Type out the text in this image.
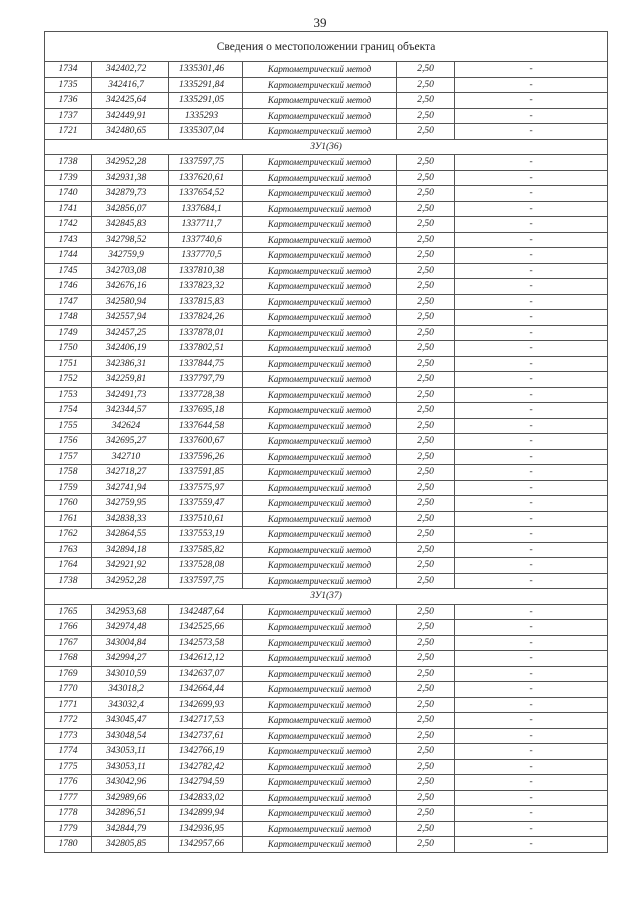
39
Сведения о местоположении границ объекта					
1734	342402,72	1335301,46	Картометрический метод	2,50	-
1735	342416,7	1335291,84	Картометрический метод	2,50	-
1736	342425,64	1335291,05	Картометрический метод	2,50	-
1737	342449,91	1335293	Картометрический метод	2,50	-
1721	342480,65	1335307,04	Картометрический метод	2,50	-
ЗУ1(36)					
1738	342952,28	1337597,75	Картометрический метод	2,50	-
1739	342931,38	1337620,61	Картометрический метод	2,50	-
1740	342879,73	1337654,52	Картометрический метод	2,50	-
1741	342856,07	1337684,1	Картометрический метод	2,50	-
1742	342845,83	1337711,7	Картометрический метод	2,50	-
1743	342798,52	1337740,6	Картометрический метод	2,50	-
1744	342759,9	1337770,5	Картометрический метод	2,50	-
1745	342703,08	1337810,38	Картометрический метод	2,50	-
1746	342676,16	1337823,32	Картометрический метод	2,50	-
1747	342580,94	1337815,83	Картометрический метод	2,50	-
1748	342557,94	1337824,26	Картометрический метод	2,50	-
1749	342457,25	1337878,01	Картометрический метод	2,50	-
1750	342406,19	1337802,51	Картометрический метод	2,50	-
1751	342386,31	1337844,75	Картометрический метод	2,50	-
1752	342259,81	1337797,79	Картометрический метод	2,50	-
1753	342491,73	1337728,38	Картометрический метод	2,50	-
1754	342344,57	1337695,18	Картометрический метод	2,50	-
1755	342624	1337644,58	Картометрический метод	2,50	-
1756	342695,27	1337600,67	Картометрический метод	2,50	-
1757	342710	1337596,26	Картометрический метод	2,50	-
1758	342718,27	1337591,85	Картометрический метод	2,50	-
1759	342741,94	1337575,97	Картометрический метод	2,50	-
1760	342759,95	1337559,47	Картометрический метод	2,50	-
1761	342838,33	1337510,61	Картометрический метод	2,50	-
1762	342864,55	1337553,19	Картометрический метод	2,50	-
1763	342894,18	1337585,82	Картометрический метод	2,50	-
1764	342921,92	1337528,08	Картометрический метод	2,50	-
1738	342952,28	1337597,75	Картометрический метод	2,50	-
ЗУ1(37)					
1765	342953,68	1342487,64	Картометрический метод	2,50	-
1766	342974,48	1342525,66	Картометрический метод	2,50	-
1767	343004,84	1342573,58	Картометрический метод	2,50	-
1768	342994,27	1342612,12	Картометрический метод	2,50	-
1769	343010,59	1342637,07	Картометрический метод	2,50	-
1770	343018,2	1342664,44	Картометрический метод	2,50	-
1771	343032,4	1342699,93	Картометрический метод	2,50	-
1772	343045,47	1342717,53	Картометрический метод	2,50	-
1773	343048,54	1342737,61	Картометрический метод	2,50	-
1774	343053,11	1342766,19	Картометрический метод	2,50	-
1775	343053,11	1342782,42	Картометрический метод	2,50	-
1776	343042,96	1342794,59	Картометрический метод	2,50	-
1777	342989,66	1342833,02	Картометрический метод	2,50	-
1778	342896,51	1342899,94	Картометрический метод	2,50	-
1779	342844,79	1342936,95	Картометрический метод	2,50	-
1780	342805,85	1342957,66	Картометрический метод	2,50	-
